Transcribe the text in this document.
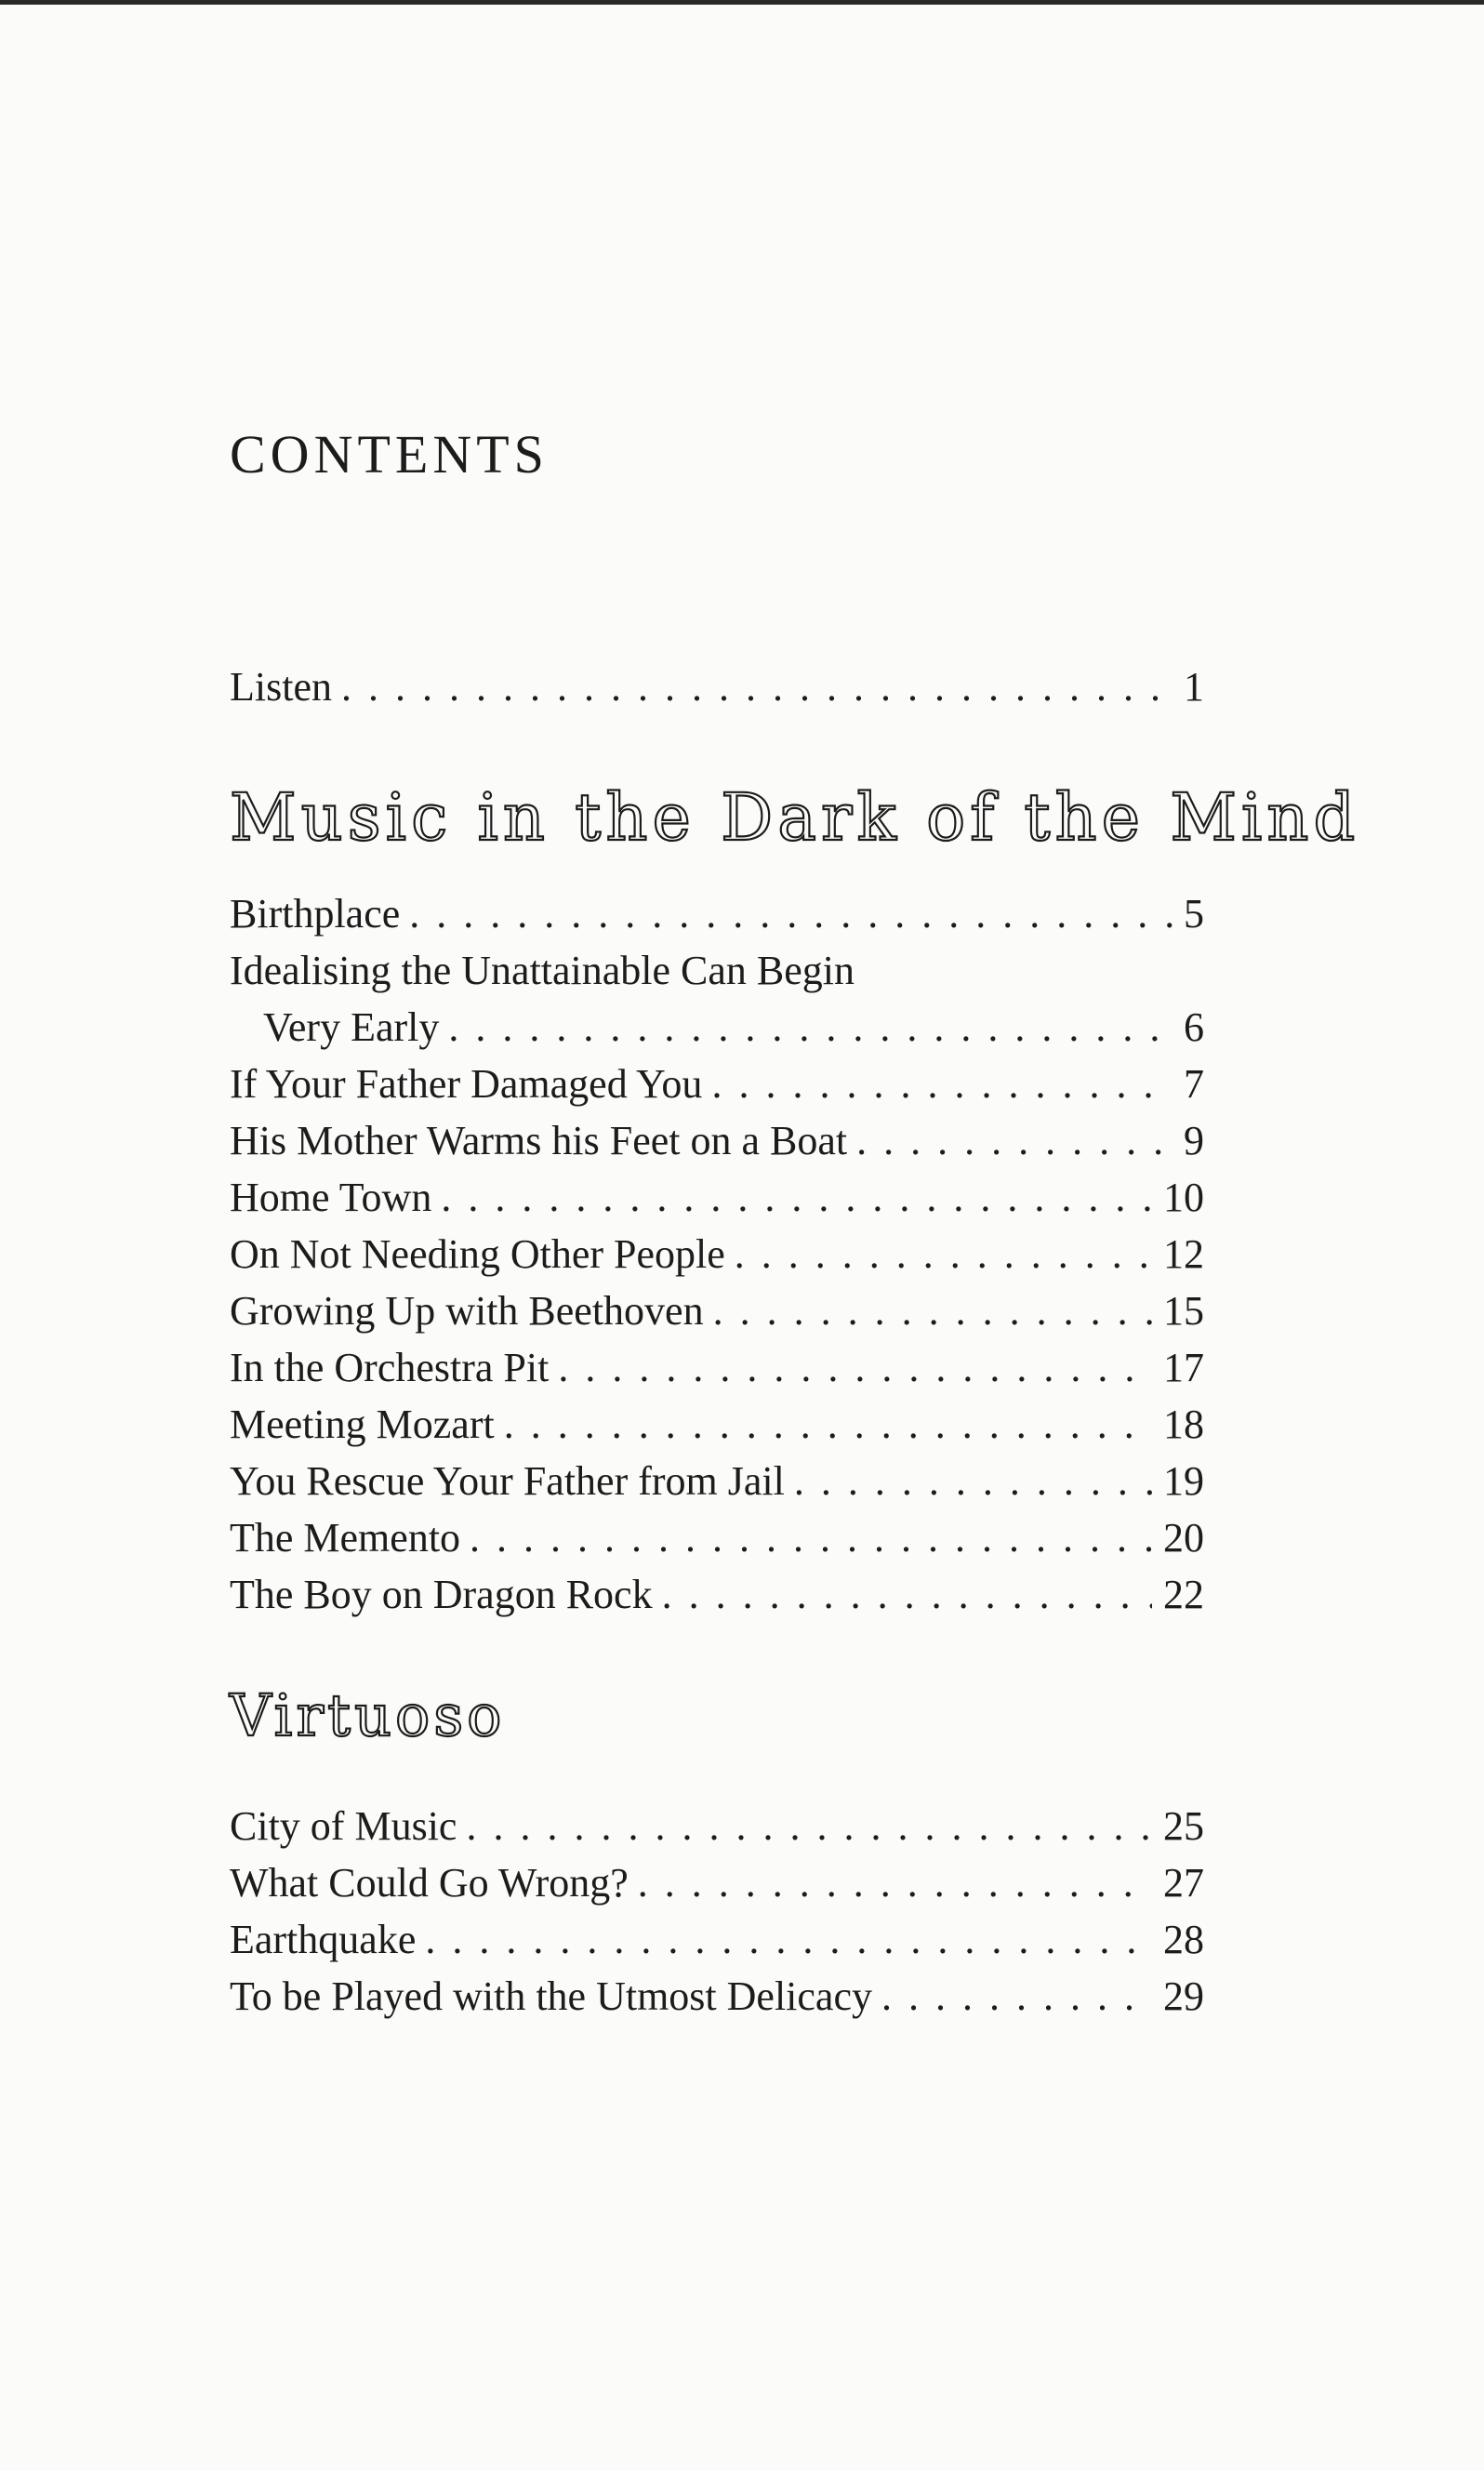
CONTENTS
Listen . . .	1
Music in the Dark of the Mind
Birthplace . . .	5
Idealising the Unattainable Can Begin
Very Early . . .	6
If Your Father Damaged You . . .	7
His Mother Warms his Feet on a Boat . . .	9
Home Town . . .	10
On Not Needing Other People . . .	12
Growing Up with Beethoven . . .	15
In the Orchestra Pit . . .	17
Meeting Mozart . . .	18
You Rescue Your Father from Jail . . .	19
The Memento . . .	20
The Boy on Dragon Rock . . .	22
Virtuoso
City of Music . . .	25
What Could Go Wrong? . . .	27
Earthquake . . .	28
To be Played with the Utmost Delicacy . . .	29
